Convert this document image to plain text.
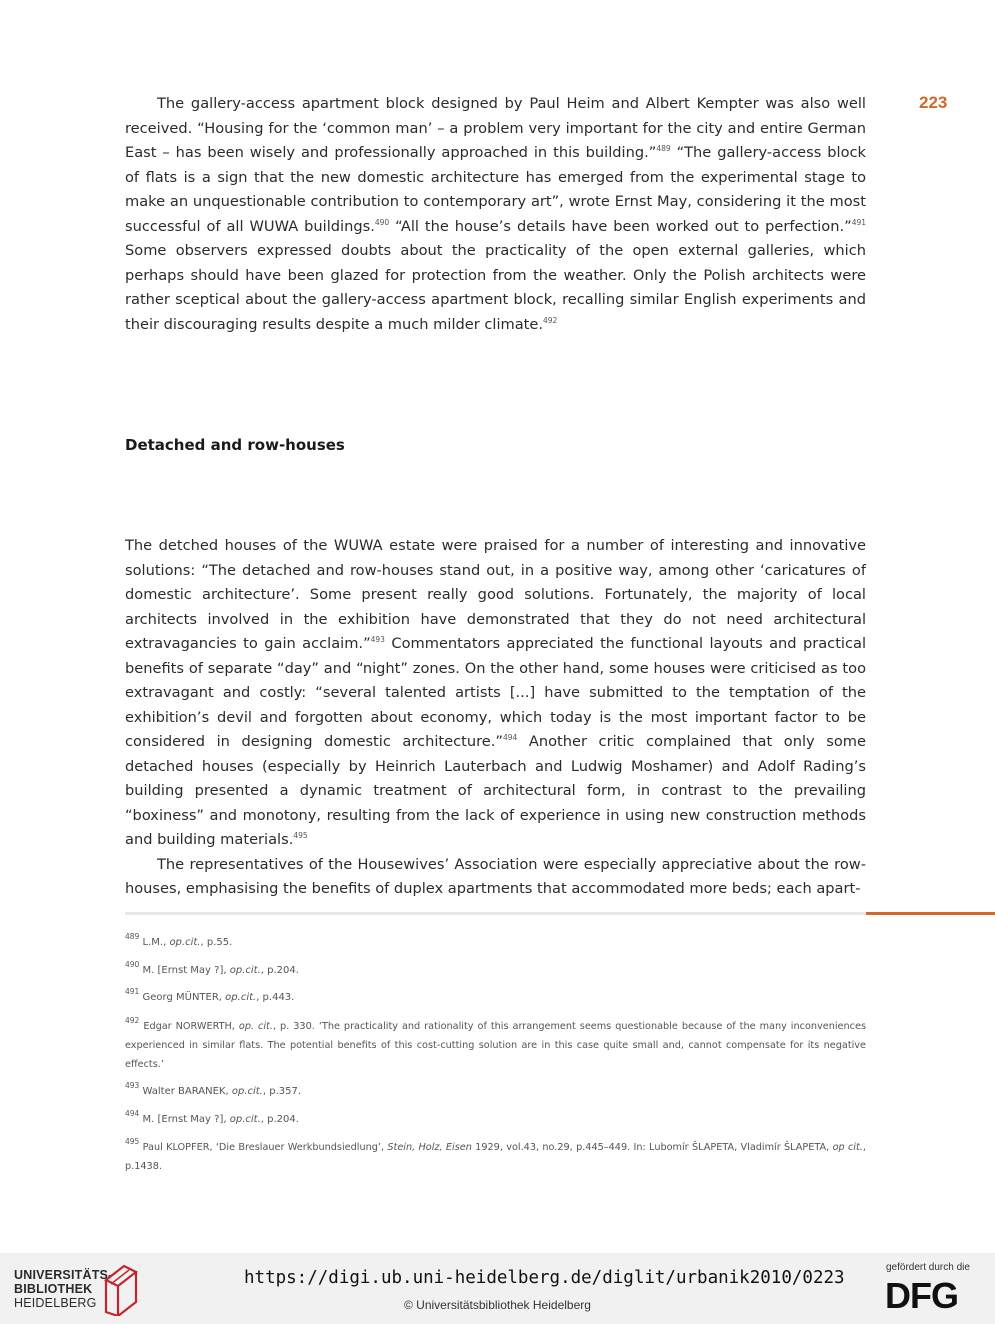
223

The gallery-access apartment block designed by Paul Heim and Albert Kempter was also well received. “Housing for the ‘common man’ – a problem very important for the city and entire German East – has been wisely and professionally approached in this building.”$^{489}$ “The gallery-access block of flats is a sign that the new domestic architecture has emerged from the experimental stage to make an unquestionable contribution to contemporary art”, wrote Ernst May, considering it the most successful of all WUWA buildings.$^{490}$ “All the house’s details have been worked out to perfection.”$^{491}$ Some observers expressed doubts about the practicality of the open external galleries, which perhaps should have been glazed for protection from the weather. Only the Polish architects were rather sceptical about the gallery-access apartment block, recalling similar English experiments and their discouraging results despite a much milder climate.$^{492}$

Detached and row-houses

The detched houses of the WUWA estate were praised for a number of interesting and innovative solutions: “The detached and row-houses stand out, in a positive way, among other ‘caricatures of domestic architecture’. Some present really good solutions. Fortunately, the majority of local architects involved in the exhibition have demonstrated that they do not need architectural extravagancies to gain acclaim.”$^{493}$ Commentators appreciated the functional layouts and practical benefits of separate “day” and “night” zones. On the other hand, some houses were criticised as too extravagant and costly: “several talented artists [...] have submitted to the temptation of the exhibition’s devil and forgotten about economy, which today is the most important factor to be considered in designing domestic architecture.”$^{494}$ Another critic complained that only some detached houses (especially by Heinrich Lauterbach and Ludwig Moshamer) and Adolf Rading’s building presented a dynamic treatment of architectural form, in contrast to the prevailing “boxiness” and monotony, resulting from the lack of experience in using new construction methods and building materials.$^{495}$

The representatives of the Housewives’ Association were especially appreciative about the row-houses, emphasising the benefits of duplex apartments that accommodated more beds; each apart-

$^{489}$ L.M., op.cit., p.55.
$^{490}$ M. [Ernst May ?], op.cit., p.204.
$^{491}$ Georg MÜNTER, op.cit., p.443.
$^{492}$ Edgar NORWERTH, op. cit., p. 330. ‘The practicality and rationality of this arrangement seems questionable because of the many inconveniences experienced in similar flats. The potential benefits of this cost-cutting solution are in this case quite small and, cannot compensate for its negative effects.’
$^{493}$ Walter BARANEK, op.cit., p.357.
$^{494}$ M. [Ernst May ?], op.cit., p.204.
$^{495}$ Paul KLOPFER, ‘Die Breslauer Werkbundsiedlung’, Stein, Holz, Eisen 1929, vol.43, no.29, p.445–449. In: Lubomír ŠLAPETA, Vladimír ŠLAPETA, op cit., p.1438.
UNIVERSITÄTS-
BIBLIOTHEK
HEIDELBERG
https://digi.ub.uni-heidelberg.de/diglit/urbanik2010/0223
© Universitätsbibliothek Heidelberg
gefördert durch die
DFG
